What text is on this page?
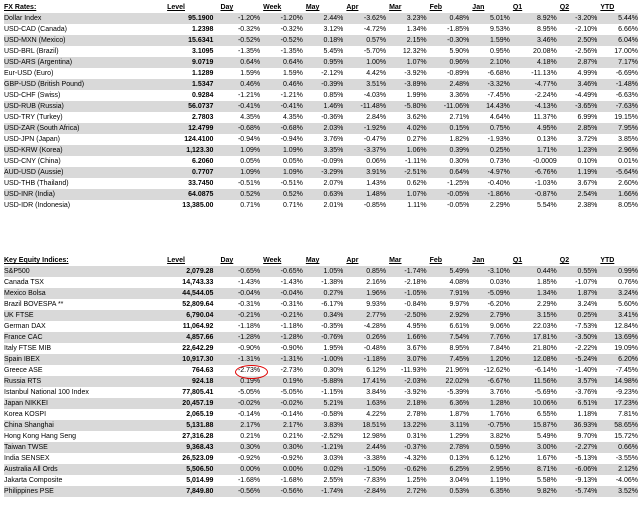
FX Rates:	Level	Day	Week	May	Apr	Mar	Feb	Jan	Q1	Q2	YTD
Dollar Index	95.1900	-1.20%	-1.20%	2.44%	-3.62%	3.23%	0.48%	5.01%	8.92%	-3.20%	5.44%
USD-CAD (Canada)	1.2398	-0.32%	-0.32%	3.12%	-4.72%	1.34%	-1.85%	9.53%	8.95%	-2.10%	6.66%
USD-MXN (Mexico)	15.6341	-0.52%	-0.52%	0.18%	0.57%	2.15%	-0.30%	1.59%	3.46%	2.50%	6.04%
USD-BRL (Brazil)	3.1095	-1.35%	-1.35%	5.45%	-5.70%	12.32%	5.90%	0.95%	20.08%	-2.56%	17.00%
USD-ARS (Argentina)	9.0719	0.64%	0.64%	0.95%	1.00%	1.07%	0.96%	2.10%	4.18%	2.87%	7.17%
Eur-USD (Euro)	1.1289	1.59%	1.59%	-2.12%	4.42%	-3.92%	-0.89%	-6.68%	-11.13%	4.99%	-6.69%
GBP-USD (British Pound)	1.5347	0.46%	0.46%	-0.39%	3.51%	-3.89%	2.48%	-3.32%	-4.77%	3.46%	-1.48%
USD-CHF (Swiss)	0.9284	-1.21%	-1.21%	0.85%	-4.03%	1.99%	3.36%	-7.45%	-2.24%	-4.49%	-6.63%
USD-RUB (Russia)	56.0737	-0.41%	-0.41%	1.46%	-11.48%	-5.80%	-11.06%	14.43%	-4.13%	-3.65%	-7.63%
USD-TRY (Turkey)	2.7803	4.35%	4.35%	-0.36%	2.84%	3.62%	2.71%	4.64%	11.37%	6.99%	19.15%
USD-ZAR (South Africa)	12.4799	-0.68%	-0.68%	2.03%	-1.92%	4.02%	0.15%	0.75%	4.95%	2.85%	7.95%
USD-JPN (Japan)	124.4100	-0.94%	-0.94%	3.76%	-0.47%	0.27%	1.82%	-1.93%	0.13%	3.72%	3.85%
USD-KRW (Korea)	1,123.30	1.09%	1.09%	3.35%	-3.37%	1.06%	0.39%	0.25%	1.71%	1.23%	2.96%
USD-CNY (China)	6.2060	0.05%	0.05%	-0.09%	0.06%	-1.11%	0.30%	0.73%	-0.0009	0.10%	0.01%
AUD-USD (Aussie)	0.7707	1.09%	1.09%	-3.29%	3.91%	-2.51%	0.64%	-4.97%	-6.76%	1.19%	-5.64%
USD-THB (Thailand)	33.7450	-0.51%	-0.51%	2.07%	1.43%	0.62%	-1.25%	-0.40%	-1.03%	3.67%	2.60%
USD-INR (India)	64.0875	0.52%	0.52%	0.63%	1.48%	1.07%	-0.05%	-1.86%	-0.87%	2.54%	1.66%
USD-IDR (Indonesia)	13,385.00	0.71%	0.71%	2.01%	-0.85%	1.11%	-0.05%	2.29%	5.54%	2.38%	8.05%
Key Equity Indices:	Level	Day	Week	May	Apr	Mar	Feb	Jan	Q1	Q2	YTD
S&P500	2,079.28	-0.65%	-0.65%	1.05%	0.85%	-1.74%	5.49%	-3.10%	0.44%	0.55%	0.99%
Canada TSX	14,743.33	-1.43%	-1.43%	-1.38%	2.16%	-2.18%	4.08%	0.03%	1.85%	-1.07%	0.76%
Mexico Bolsa	44,544.05	-0.04%	-0.04%	0.27%	1.96%	-1.05%	7.91%	-5.09%	1.34%	1.87%	3.24%
Brazil BOVESPA **	52,809.64	-0.31%	-0.31%	-6.17%	9.93%	-0.84%	9.97%	-6.20%	2.29%	3.24%	5.60%
UK FTSE	6,790.04	-0.21%	-0.21%	0.34%	2.77%	-2.50%	2.92%	2.79%	3.15%	0.25%	3.41%
German DAX	11,064.92	-1.18%	-1.18%	-0.35%	-4.28%	4.95%	6.61%	9.06%	22.03%	-7.53%	12.84%
France CAC	4,857.66	-1.28%	-1.28%	-0.76%	0.26%	1.66%	7.54%	7.76%	17.81%	-3.50%	13.69%
Italy FTSE MIB	22,642.29	-0.90%	-0.90%	1.95%	-0.48%	3.67%	8.95%	7.84%	21.80%	-2.22%	19.09%
Spain IBEX	10,917.30	-1.31%	-1.31%	-1.00%	-1.18%	3.07%	7.45%	1.20%	12.08%	-5.24%	6.20%
Greece ASE	764.63	-2.73%	-2.73%	0.30%	6.12%	-11.93%	21.96%	-12.62%	-6.14%	-1.40%	-7.45%
Russia RTS	924.18	0.19%	0.19%	-5.88%	17.41%	-2.03%	22.02%	-6.67%	11.56%	3.57%	14.98%
Istanbul National 100 Index	77,805.41	-5.05%	-5.05%	-1.15%	3.84%	-3.92%	-5.39%	3.76%	-5.69%	-3.76%	-9.23%
Japan NIKKEI	20,457.19	-0.02%	-0.02%	5.21%	1.63%	2.18%	6.36%	1.28%	10.06%	6.51%	17.23%
Korea KOSPI	2,065.19	-0.14%	-0.14%	-0.58%	4.22%	2.78%	1.87%	1.76%	6.55%	1.18%	7.81%
China Shanghai	5,131.88	2.17%	2.17%	3.83%	18.51%	13.22%	3.11%	-0.75%	15.87%	36.93%	58.65%
Hong Kong Hang Seng	27,316.28	0.21%	0.21%	-2.52%	12.98%	0.31%	1.29%	3.82%	5.49%	9.70%	15.72%
Taiwan TWSE	9,368.43	0.30%	0.30%	-1.21%	2.44%	-0.37%	2.78%	0.59%	3.00%	-2.27%	0.66%
India SENSEX	26,523.09	-0.92%	-0.92%	3.03%	-3.38%	-4.32%	0.13%	6.12%	1.67%	-5.13%	-3.55%
Australia All Ords	5,506.50	0.00%	0.00%	0.02%	-1.50%	-0.62%	6.25%	2.95%	8.71%	-6.06%	2.12%
Jakarta Composite	5,014.99	-1.68%	-1.68%	2.55%	-7.83%	1.25%	3.04%	1.19%	5.58%	-9.13%	-4.06%
Philippines PSE	7,849.80	-0.56%	-0.56%	-1.74%	-2.84%	2.72%	0.53%	6.35%	9.82%	-5.74%	3.52%
